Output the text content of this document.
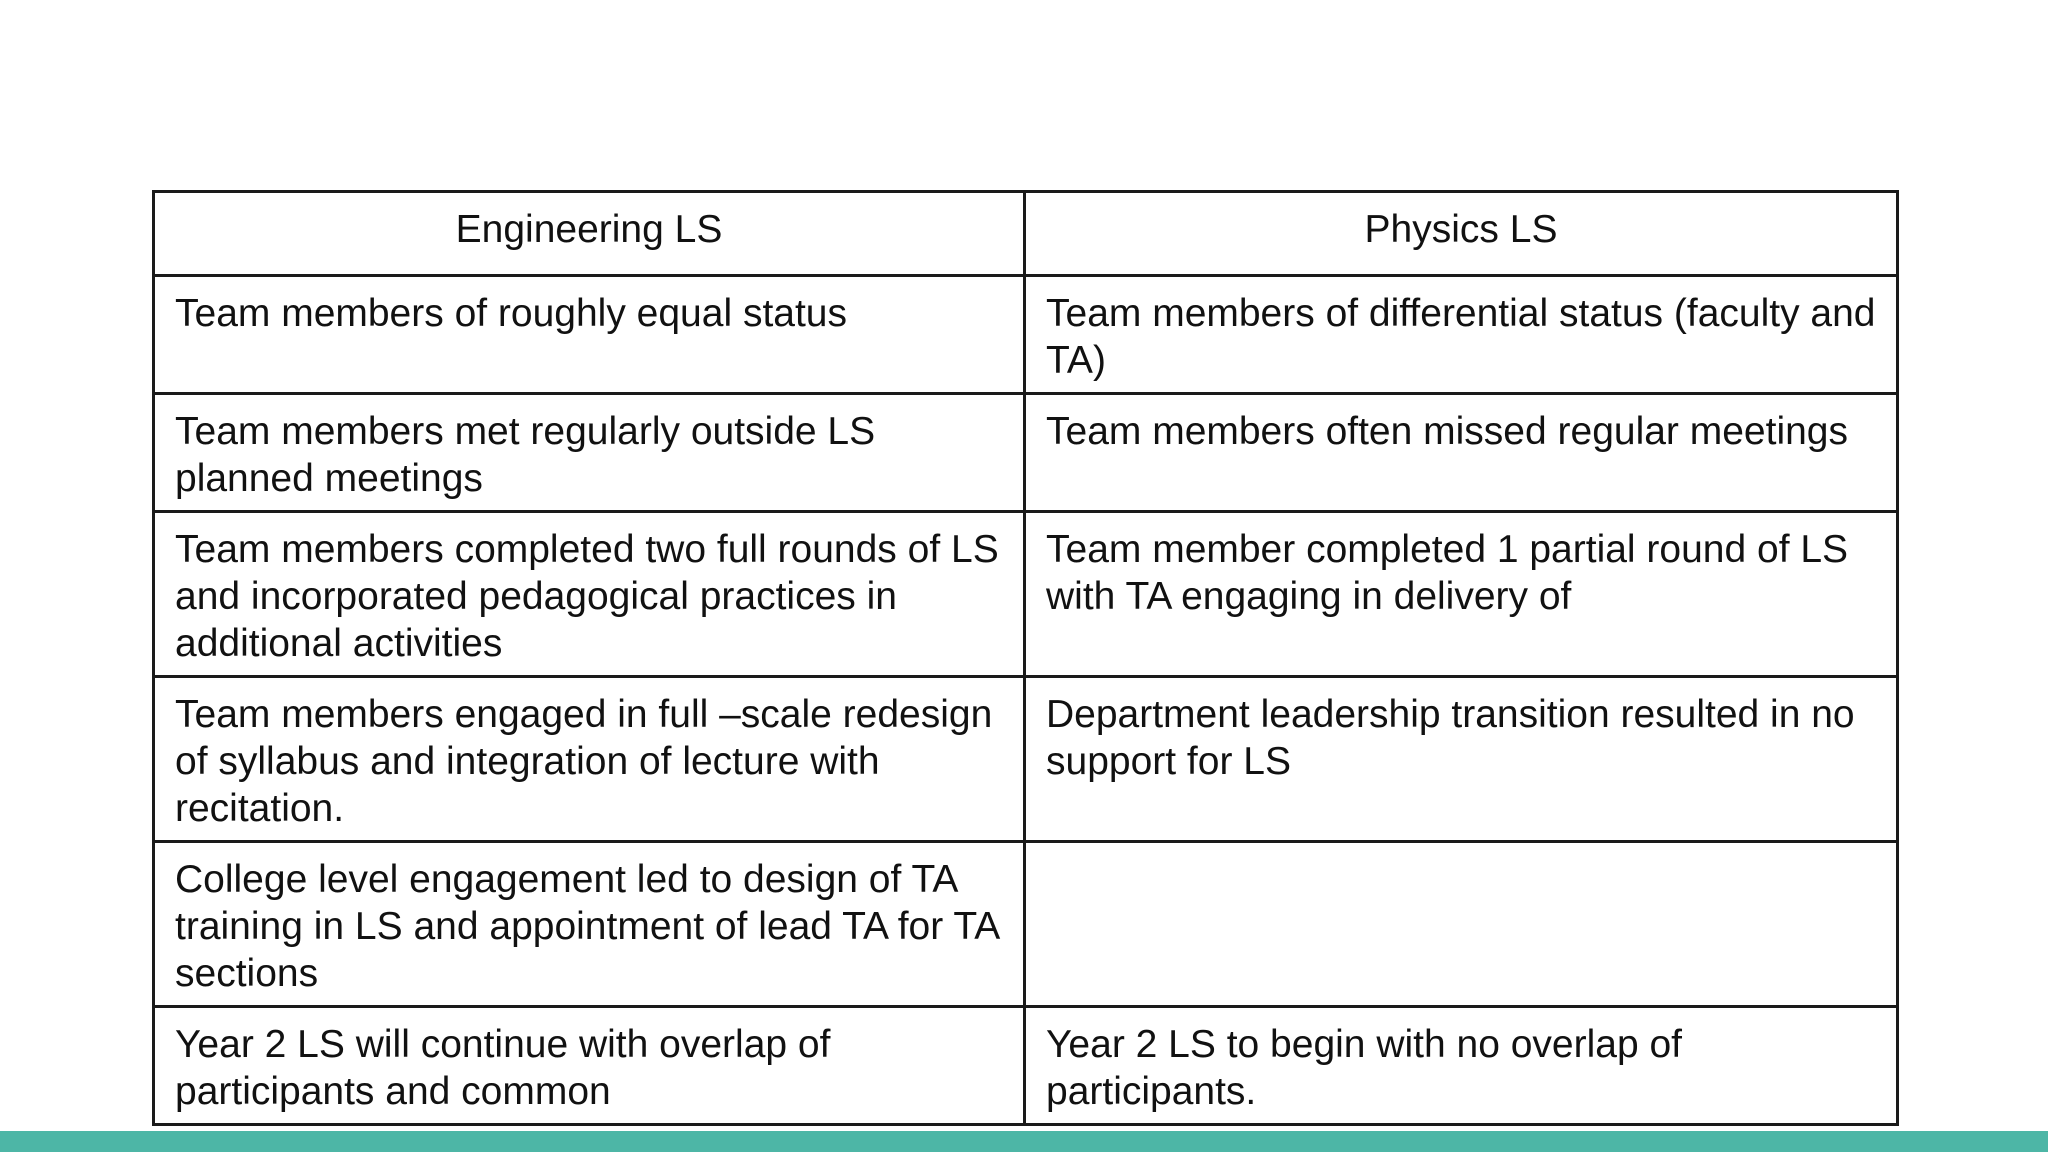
Engineering LS	Physics LS
Team members of roughly equal status	Team members of differential status (faculty and TA)
Team members met regularly outside LS planned meetings	Team members often missed regular meetings
Team members completed two full rounds of LS and incorporated pedagogical practices in additional activities	Team member completed 1 partial round of LS with TA engaging in delivery of
Team members engaged in full –scale redesign of syllabus and integration of lecture with recitation.	Department leadership transition resulted in no support for LS
College level engagement led to design of TA training in LS and appointment of lead TA for TA sections	
Year 2 LS will continue with overlap of participants and common	Year 2 LS to begin with no overlap of participants.
